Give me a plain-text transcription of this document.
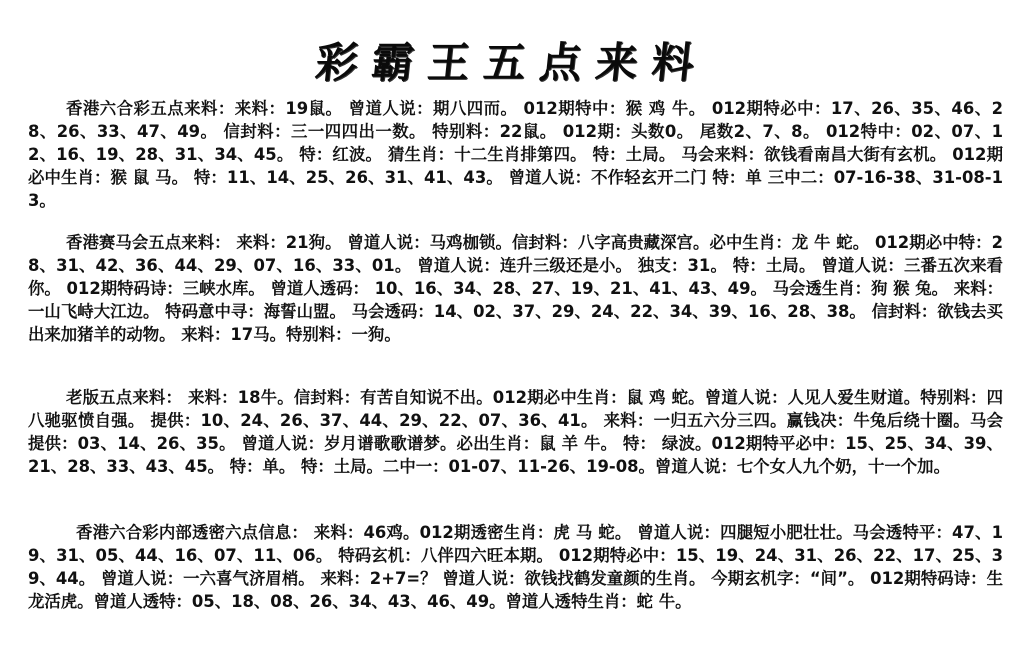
彩霸王五点来料
香港六合彩五点来料：来料：19鼠。 曾道人说：期八四而。 012期特中：猴 鸡 牛。 012期特必中：17、26、35、46、28、26、33、47、49。 信封料：三一四四出一数。 特别料：22鼠。 012期：头数0。 尾数2、7、8。 012特中：02、07、12、16、19、28、31、34、45。 特：红波。 猜生肖：十二生肖排第四。 特：土局。 马会来料：欲钱看南昌大街有玄机。 012期必中生肖：猴 鼠 马。 特：11、14、25、26、31、41、43。 曾道人说：不作轻玄开二门 特：单 三中二：07-16-38、31-08-13。
香港赛马会五点来料： 来料：21狗。 曾道人说：马鸡枷锁。信封料：八字高贵藏深宫。必中生肖：龙 牛 蛇。 012期必中特：28、31、42、36、44、29、07、16、33、01。 曾道人说：连升三级还是小。 独支：31。 特：土局。 曾道人说：三番五次来看你。 012期特码诗：三峡水库。 曾道人透码： 10、16、34、28、27、19、21、41、43、49。 马会透生肖：狗 猴 兔。 来料：一山飞峙大江边。 特码意中寻：海誓山盟。 马会透码：14、02、37、29、24、22、34、39、16、28、38。 信封料：欲钱去买出来加猪羊的动物。 来料：17马。特别料：一狗。
老版五点来料： 来料：18牛。信封料：有苦自知说不出。012期必中生肖：鼠 鸡 蛇。曾道人说：人见人爱生财道。特别料：四八驰驱愤自强。 提供：10、24、26、37、44、29、22、07、36、41。 来料：一归五六分三四。赢钱决：牛兔后绕十圈。马会提供：03、14、26、35。 曾道人说：岁月谱歌歌谱梦。必出生肖：鼠 羊 牛。 特： 绿波。012期特平必中：15、25、34、39、21、28、33、43、45。 特：单。 特：土局。二中一：01-07、11-26、19-08。曾道人说：七个女人九个奶，十一个加。
香港六合彩内部透密六点信息： 来料：46鸡。012期透密生肖：虎 马 蛇。 曾道人说：四腿短小肥壮壮。马会透特平：47、19、31、05、44、16、07、11、06。 特码玄机：八伴四六旺本期。 012期特必中：15、19、24、31、26、22、17、25、39、44。 曾道人说：一六喜气济眉梢。 来料：2+7=？ 曾道人说：欲钱找鹤发童颜的生肖。 今期玄机字：“间”。 012期特码诗：生龙活虎。曾道人透特：05、18、08、26、34、43、46、49。曾道人透特生肖：蛇 牛。
